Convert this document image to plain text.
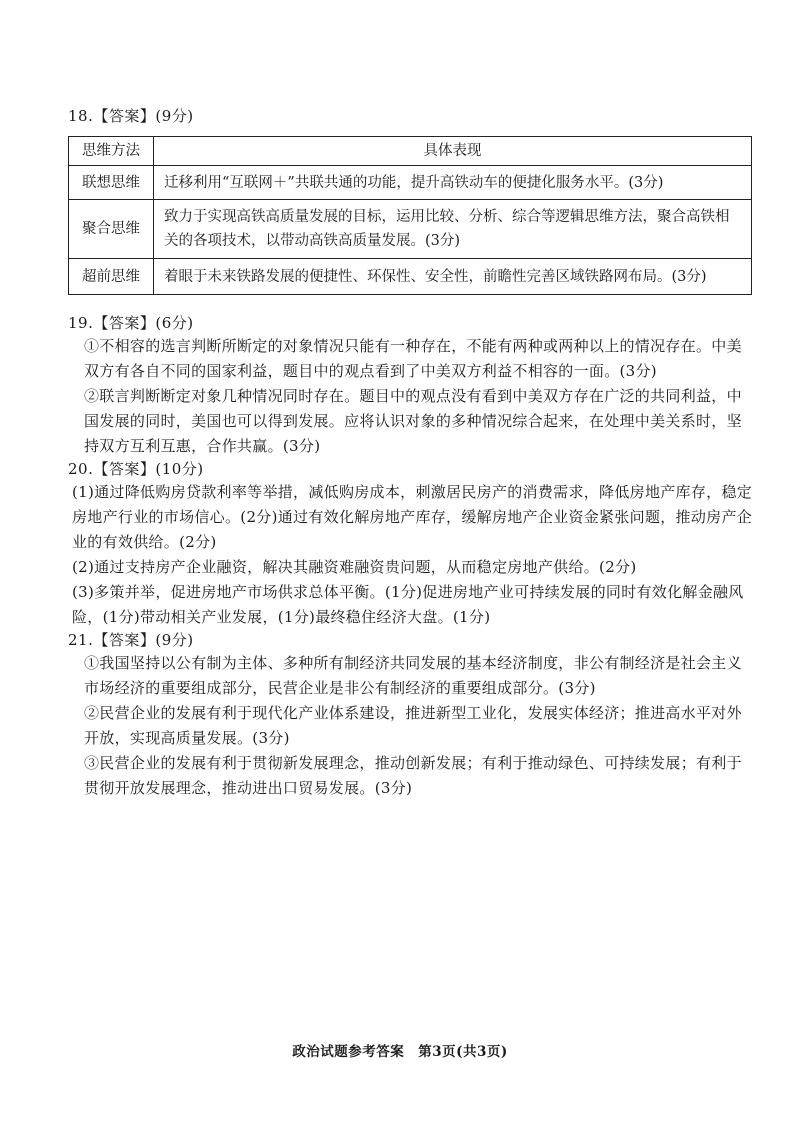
18.【答案】(9分)
思维方法	具体表现
联想思维	迁移利用“互联网＋”共联共通的功能，提升高铁动车的便捷化服务水平。(3分)
聚合思维	致力于实现高铁高质量发展的目标，运用比较、分析、综合等逻辑思维方法，聚合高铁相关的各项技术，以带动高铁高质量发展。(3分)
超前思维	着眼于未来铁路发展的便捷性、环保性、安全性，前瞻性完善区域铁路网布局。(3分)
19.【答案】(6分)
①不相容的选言判断所断定的对象情况只能有一种存在，不能有两种或两种以上的情况存在。中美双方有各自不同的国家利益，题目中的观点看到了中美双方利益不相容的一面。(3分)
②联言判断断定对象几种情况同时存在。题目中的观点没有看到中美双方存在广泛的共同利益，中国发展的同时，美国也可以得到发展。应将认识对象的多种情况综合起来，在处理中美关系时，坚持双方互利互惠，合作共赢。(3分)
20.【答案】(10分)
(1)通过降低购房贷款利率等举措，减低购房成本，刺激居民房产的消费需求，降低房地产库存，稳定房地产行业的市场信心。(2分)通过有效化解房地产库存，缓解房地产企业资金紧张问题，推动房产企业的有效供给。(2分)
(2)通过支持房产企业融资，解决其融资难融资贵问题，从而稳定房地产供给。(2分)
(3)多策并举，促进房地产市场供求总体平衡。(1分)促进房地产业可持续发展的同时有效化解金融风险，(1分)带动相关产业发展，(1分)最终稳住经济大盘。(1分)
21.【答案】(9分)
①我国坚持以公有制为主体、多种所有制经济共同发展的基本经济制度，非公有制经济是社会主义市场经济的重要组成部分，民营企业是非公有制经济的重要组成部分。(3分)
②民营企业的发展有利于现代化产业体系建设，推进新型工业化，发展实体经济；推进高水平对外开放，实现高质量发展。(3分)
③民营企业的发展有利于贯彻新发展理念，推动创新发展；有利于推动绿色、可持续发展；有利于贯彻开放发展理念，推动进出口贸易发展。(3分)
政治试题参考答案　第3页(共3页)
